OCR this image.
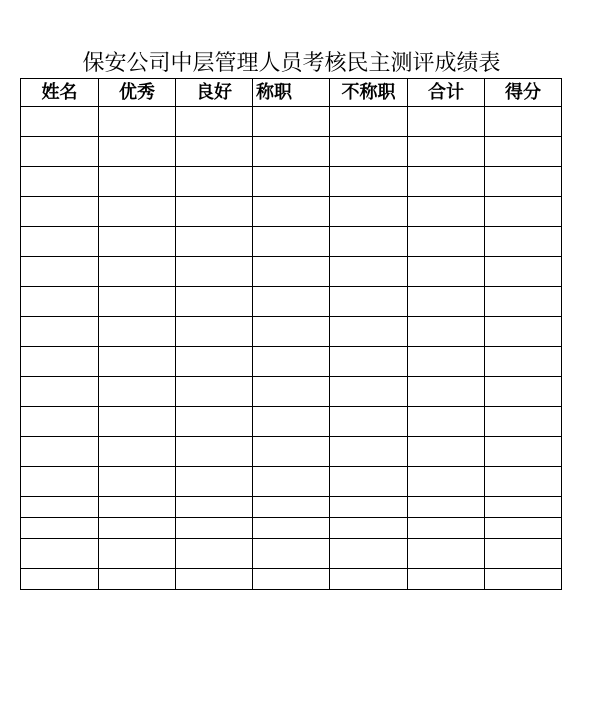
保安公司中层管理人员考核民主测评成绩表
姓名	优秀	良好	称职	不称职	合计	得分
